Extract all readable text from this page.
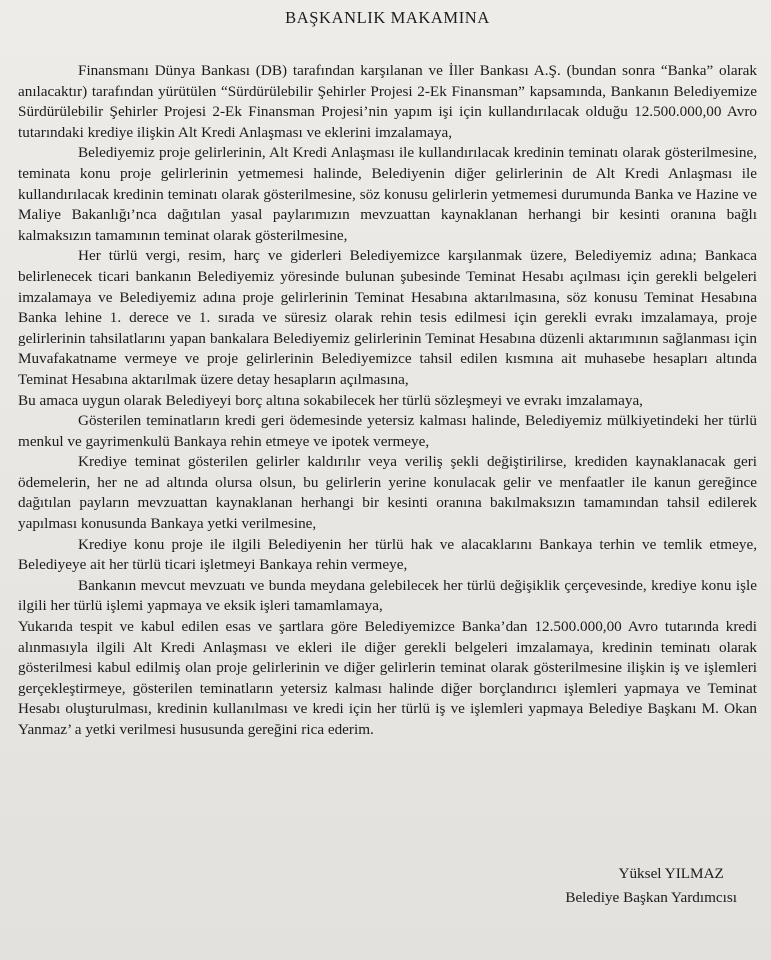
BAŞKANLIK MAKAMINA

Finansmanı Dünya Bankası (DB) tarafından karşılanan ve İller Bankası A.Ş. (bundan sonra “Banka” olarak anılacaktır) tarafından yürütülen “Sürdürülebilir Şehirler Projesi 2-Ek Finansman” kapsamında, Bankanın Belediyemize Sürdürülebilir Şehirler Projesi 2-Ek Finansman Projesi’nin yapım işi için kullandırılacak olduğu 12.500.000,00 Avro tutarındaki krediye ilişkin Alt Kredi Anlaşması ve eklerini imzalamaya,

Belediyemiz proje gelirlerinin, Alt Kredi Anlaşması ile kullandırılacak kredinin teminatı olarak gösterilmesine, teminata konu proje gelirlerinin yetmemesi halinde, Belediyenin diğer gelirlerinin de Alt Kredi Anlaşması ile kullandırılacak kredinin teminatı olarak gösterilmesine, söz konusu gelirlerin yetmemesi durumunda Banka ve Hazine ve Maliye Bakanlığı’nca dağıtılan yasal paylarımızın mevzuattan kaynaklanan herhangi bir kesinti oranına bağlı kalmaksızın tamamının teminat olarak gösterilmesine,

Her türlü vergi, resim, harç ve giderleri Belediyemizce karşılanmak üzere, Belediyemiz adına; Bankaca belirlenecek ticari bankanın Belediyemiz yöresinde bulunan şubesinde Teminat Hesabı açılması için gerekli belgeleri imzalamaya ve Belediyemiz adına proje gelirlerinin Teminat Hesabına aktarılmasına, söz konusu Teminat Hesabına Banka lehine 1. derece ve 1. sırada ve süresiz olarak rehin tesis edilmesi için gerekli evrakı imzalamaya, proje gelirlerinin tahsilatlarını yapan bankalara Belediyemiz gelirlerinin Teminat Hesabına düzenli aktarımının sağlanması için Muvafakatname vermeye ve proje gelirlerinin Belediyemizce tahsil edilen kısmına ait muhasebe hesapları altında Teminat Hesabına aktarılmak üzere detay hesapların açılmasına,

Bu amaca uygun olarak Belediyeyi borç altına sokabilecek her türlü sözleşmeyi ve evrakı imzalamaya,

Gösterilen teminatların kredi geri ödemesinde yetersiz kalması halinde, Belediyemiz mülkiyetindeki her türlü menkul ve gayrimenkulü Bankaya rehin etmeye ve ipotek vermeye,

Krediye teminat gösterilen gelirler kaldırılır veya veriliş şekli değiştirilirse, krediden kaynaklanacak geri ödemelerin, her ne ad altında olursa olsun, bu gelirlerin yerine konulacak gelir ve menfaatler ile kanun gereğince dağıtılan payların mevzuattan kaynaklanan herhangi bir kesinti oranına bakılmaksızın tamamından tahsil edilerek yapılması konusunda Bankaya yetki verilmesine,

Krediye konu proje ile ilgili Belediyenin her türlü hak ve alacaklarını Bankaya terhin ve temlik etmeye, Belediyeye ait her türlü ticari işletmeyi Bankaya rehin vermeye,

Bankanın mevcut mevzuatı ve bunda meydana gelebilecek her türlü değişiklik çerçevesinde, krediye konu işle ilgili her türlü işlemi yapmaya ve eksik işleri tamamlamaya,

Yukarıda tespit ve kabul edilen esas ve şartlara göre Belediyemizce Banka’dan 12.500.000,00 Avro tutarında kredi alınmasıyla ilgili Alt Kredi Anlaşması ve ekleri ile diğer gerekli belgeleri imzalamaya, kredinin teminatı olarak gösterilmesi kabul edilmiş olan proje gelirlerinin ve diğer gelirlerin teminat olarak gösterilmesine ilişkin iş ve işlemleri gerçekleştirmeye, gösterilen teminatların yetersiz kalması halinde diğer borçlandırıcı işlemleri yapmaya ve Teminat Hesabı oluşturulması, kredinin kullanılması ve kredi için her türlü iş ve işlemleri yapmaya Belediye Başkanı M. Okan Yanmaz’ a yetki verilmesi hususunda gereğini rica ederim.

Yüksel YILMAZ
Belediye Başkan Yardımcısı
